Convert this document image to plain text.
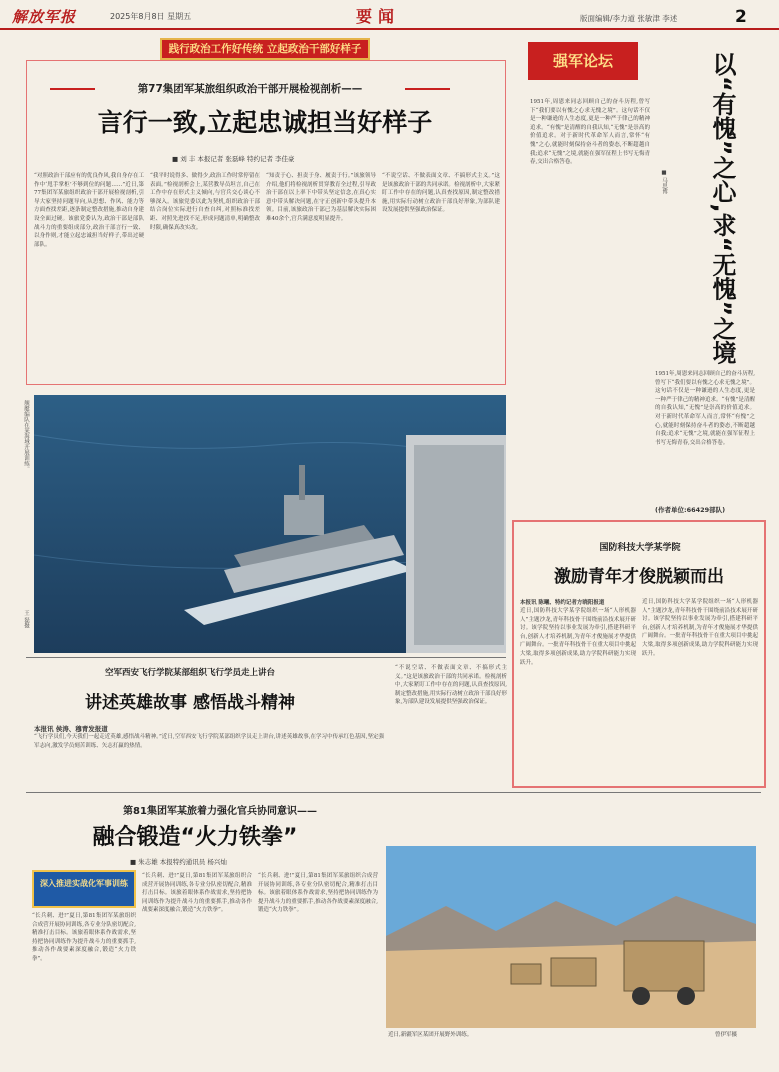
解放军报	2025年8月8日 星期五	要闻	版面编辑/李力道 张敏津 李述	2
践行政治工作好传统 立起政治干部好样子
第77集团军某旅组织政治干部开展检视剖析——
言行一致,立起忠诚担当好样子
■ 刘 丰 本报记者 张磊峰 特约记者 李佳豪
“对照政治干部应有的优良作风,我自身存在工作中‘甩手掌柜’不够到位的问题……”近日,第77集团军某旅组织政治干部开展检视剖析,引导大家坚持问题导向,从思想、作风、能力等方面查找差距,逐条制定整改措施,推动自身建设全面过硬。该旅党委认为,政治干部是部队战斗力的重要组成部分,政治干部言行一致、以身作则,才能立起忠诚担当好样子,带出过硬部队。
“我平时说得多、做得少,政治工作时常停留在表面。”检视剖析会上,某营教导员坦言,自己在工作中存在形式主义倾向,与官兵交心谈心不够深入。该旅党委以此为契机,组织政治干部结合岗位实际进行自查自纠,对照标准找差距、对照先进找不足,形成问题清单,明确整改时限,确保真改实改。
“知责于心、担责于身、履责于行。”该旅领导介绍,他们将检视剖析贯穿教育全过程,引导政治干部在以上率下中带头坚定信念,在真心实意中带头解决问题,在守正创新中带头提升本领。目前,该旅政治干部已为基层解决实际困难40余个,官兵满意度明显提升。
“不说空话、不做表面文章、不搞形式主义。”这是该旅政治干部的共同承诺。检视剖析中,大家紧盯工作中存在的问题,认真查找原因,制定整改措施,用实际行动树立政治干部良好形象,为部队建设发展提供坚强政治保证。
舰艇编队在某海域开展训练。
王 磊摄
空军西安飞行学院某部组织飞行学员走上讲台
讲述英雄故事 感悟战斗精神
本报讯 侯涛、穆青发报道
“飞行学员们,今天我们一起走近英雄,感悟战斗精神。”近日,空军西安飞行学院某部组织学员走上讲台,讲述英雄故事,在学习中传承红色基因,坚定强军志向,激发学员刻苦训练、矢志打赢的热情。
“不说空话、不做表面文章、不搞形式主义。”这是该旅政治干部的共同承诺。检视剖析中,大家紧盯工作中存在的问题,认真查找原因,制定整改措施,用实际行动树立政治干部良好形象,为部队建设发展提供坚强政治保证。
第81集团军某旅着力强化官兵协同意识——
融合锻造“火力铁拳”
■ 朱志雄 本报特约通讯员 杨兴灿
深入推进实战化军事训练
“长兵刺、进!”夏日,第81集团军某旅组织合成营开展协同训练,各专业分队密切配合,精准打击目标。该旅着眼体系作战需求,坚持把协同训练作为提升战斗力的重要抓手,推动各作战要素深度融合,锻造“火力铁拳”。
“长兵刺、进!”夏日,第81集团军某旅组织合成营开展协同训练,各专业分队密切配合,精准打击目标。该旅着眼体系作战需求,坚持把协同训练作为提升战斗力的重要抓手,推动各作战要素深度融合,锻造“火力铁拳”。
“长兵刺、进!”夏日,第81集团军某旅组织合成营开展协同训练,各专业分队密切配合,精准打击目标。该旅着眼体系作战需求,坚持把协同训练作为提升战斗力的重要抓手,推动各作战要素深度融合,锻造“火力铁拳”。
近日,新疆军区某团开展野外训练。	曾伊军摄
强军论坛
1951年,周恩来同志回顾自己的奋斗历程,曾写下“我们要以有愧之心求无愧之境”。这句话不仅是一种谦逊的人生态度,更是一种严于律己的精神追求。“有愧”是清醒的自我认知,“无愧”是崇高的价值追求。对于新时代革命军人而言,常怀“有愧”之心,就能时刻保持奋斗者的姿态,不断超越自我;追求“无愧”之境,就能在强军征程上书写无悔青春,交出合格答卷。
1951年,周恩来同志回顾自己的奋斗历程,曾写下“我们要以有愧之心求无愧之境”。这句话不仅是一种谦逊的人生态度,更是一种严于律己的精神追求。“有愧”是清醒的自我认知,“无愧”是崇高的价值追求。对于新时代革命军人而言,常怀“有愧”之心,就能时刻保持奋斗者的姿态,不断超越自我;追求“无愧”之境,就能在强军征程上书写无悔青春,交出合格答卷。
以“有愧”之心,求“无愧”之境
■ 马思博
(作者单位:66429部队)
国防科技大学某学院
激励青年才俊脱颖而出
本报讯 陈曦、特约记者方晓阳报道
近日,国防科技大学某学院组织一场“人形机器人”主题沙龙,青年科技骨干围绕前沿技术展开研讨。该学院坚持以事业发展为牵引,搭建科研平台,创新人才培养机制,为青年才俊施展才华提供广阔舞台。一批青年科技骨干在重大项目中挑起大梁,取得多项创新成果,助力学院科研能力实现跃升。
近日,国防科技大学某学院组织一场“人形机器人”主题沙龙,青年科技骨干围绕前沿技术展开研讨。该学院坚持以事业发展为牵引,搭建科研平台,创新人才培养机制,为青年才俊施展才华提供广阔舞台。一批青年科技骨干在重大项目中挑起大梁,取得多项创新成果,助力学院科研能力实现跃升。
